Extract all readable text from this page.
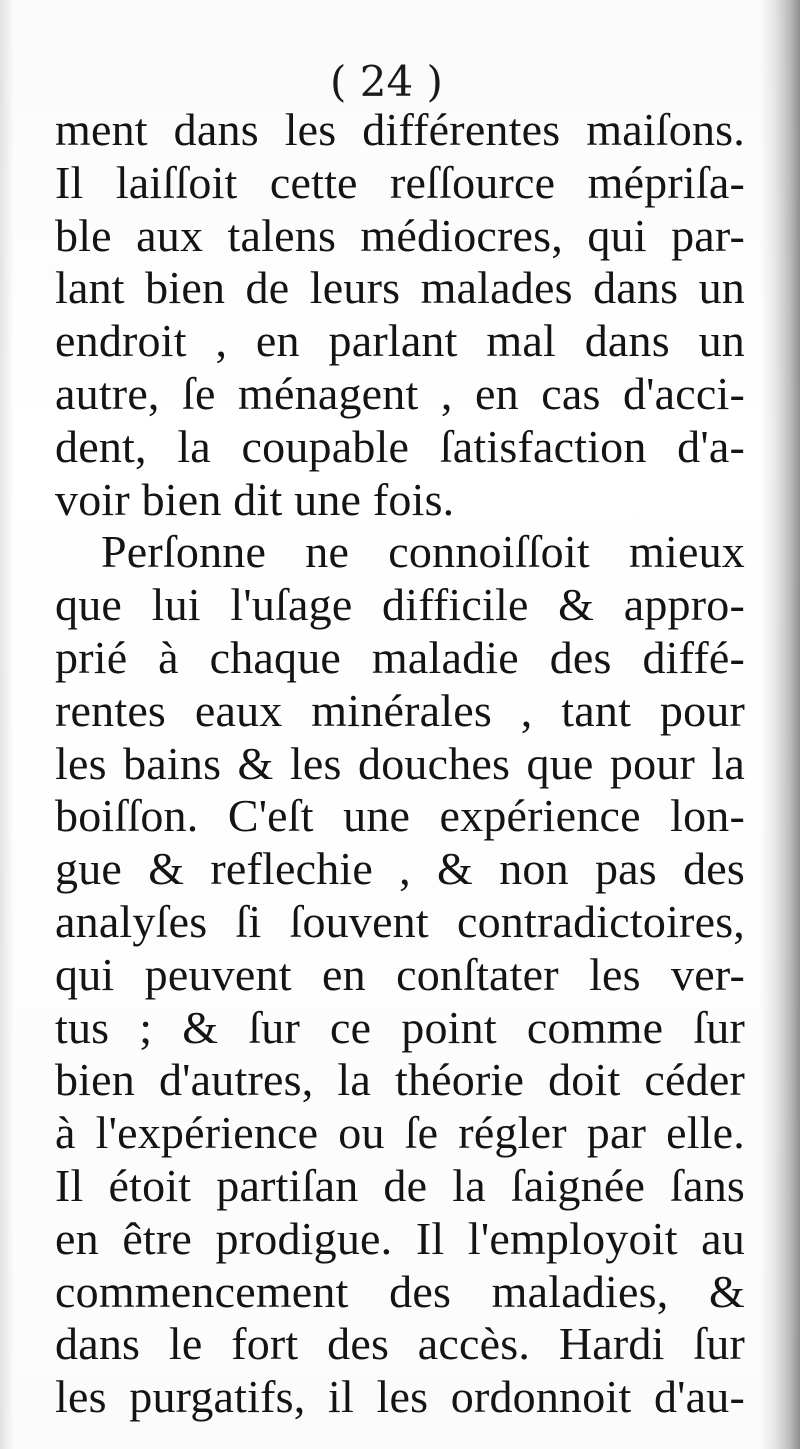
( 24 )
ment dans les différentes maiſons.
Il laiſſoit cette reſſource mépriſa-
ble aux talens médiocres, qui par-
lant bien de leurs malades dans un
endroit , en parlant mal dans un
autre, ſe ménagent , en cas d'acci-
dent, la coupable ſatisfaction d'a-
voir bien dit une fois.
Perſonne ne connoiſſoit mieux
que lui l'uſage difficile & appro-
prié à chaque maladie des diffé-
rentes eaux minérales , tant pour
les bains & les douches que pour la
boiſſon. C'eſt une expérience lon-
gue & reflechie , & non pas des
analyſes ſi ſouvent contradictoires,
qui peuvent en conſtater les ver-
tus ; & ſur ce point comme ſur
bien d'autres, la théorie doit céder
à l'expérience ou ſe régler par elle.
Il étoit partiſan de la ſaignée ſans
en être prodigue. Il l'employoit au
commencement des maladies, &
dans le fort des accès. Hardi ſur
les purgatifs, il les ordonnoit d'au-
